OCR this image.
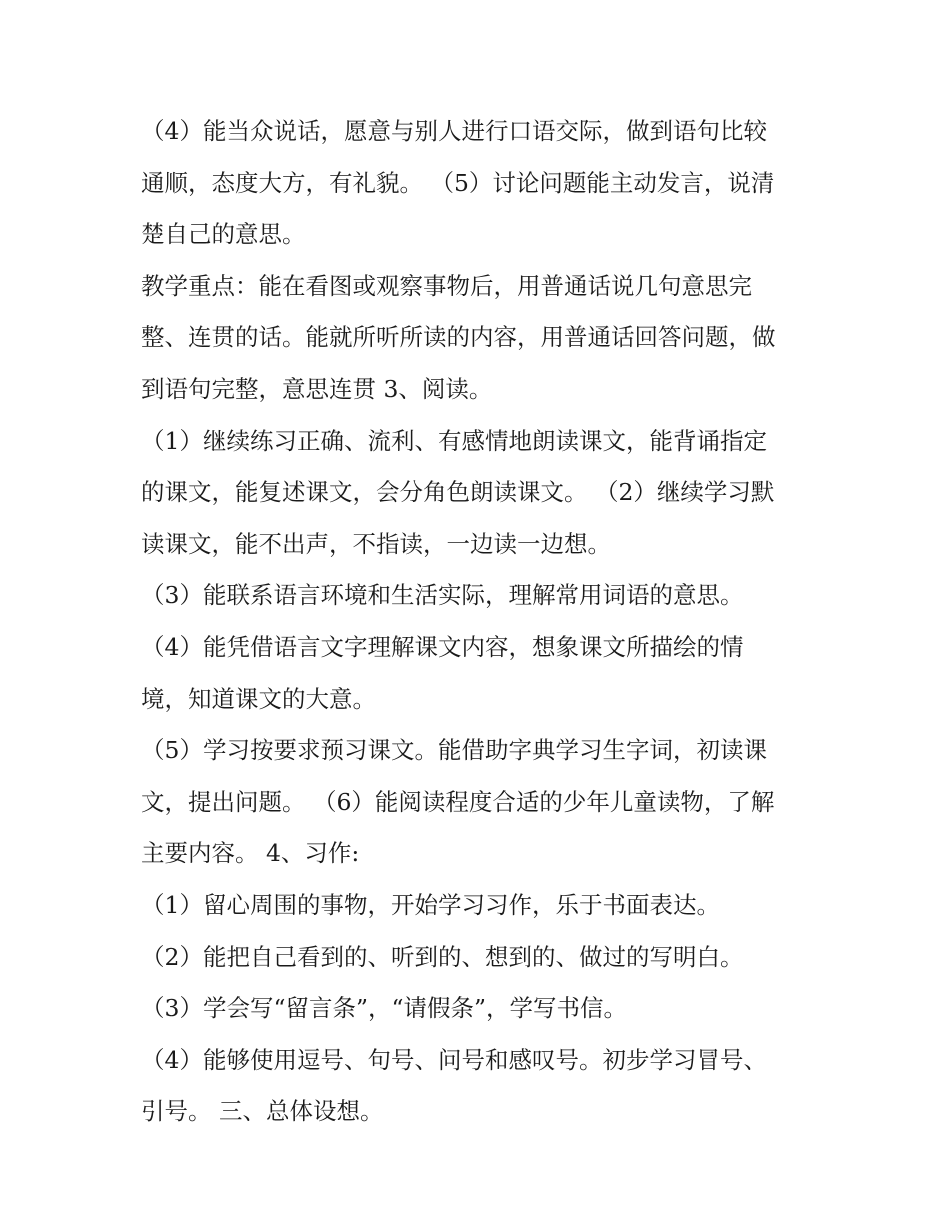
（4）能当众说话，愿意与别人进行口语交际，做到语句比较
通顺，态度大方，有礼貌。 （5）讨论问题能主动发言，说清
楚自己的意思。
教学重点：能在看图或观察事物后，用普通话说几句意思完
整、连贯的话。能就所听所读的内容，用普通话回答问题，做
到语句完整，意思连贯 3、阅读。
（1）继续练习正确、流利、有感情地朗读课文，能背诵指定
的课文，能复述课文，会分角色朗读课文。 （2）继续学习默
读课文，能不出声，不指读，一边读一边想。
（3）能联系语言环境和生活实际，理解常用词语的意思。
（4）能凭借语言文字理解课文内容，想象课文所描绘的情
境，知道课文的大意。
（5）学习按要求预习课文。能借助字典学习生字词，初读课
文，提出问题。 （6）能阅读程度合适的少年儿童读物，了解
主要内容。 4、习作:
（1）留心周围的事物，开始学习习作，乐于书面表达。
（2）能把自己看到的、听到的、想到的、做过的写明白。
（3）学会写“留言条”，“请假条”，学写书信。
（4）能够使用逗号、句号、问号和感叹号。初步学习冒号、
引号。 三、总体设想。
